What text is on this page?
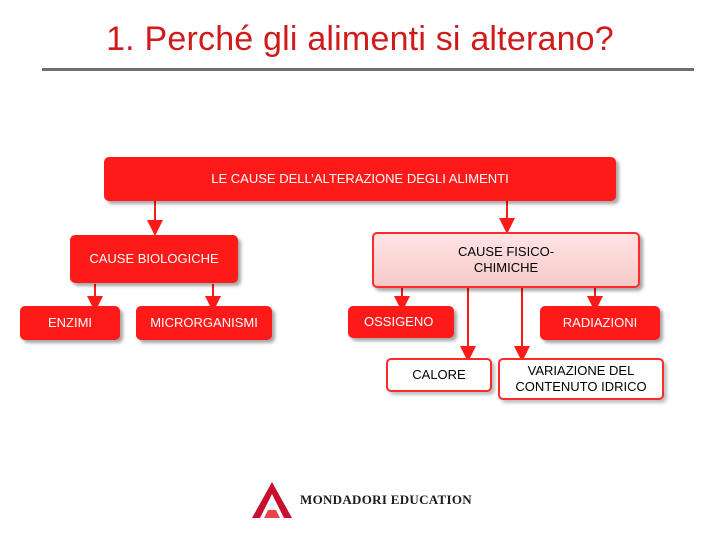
1. Perché gli alimenti si alterano?
LE CAUSE DELL’ALTERAZIONE DEGLI ALIMENTI
CAUSE BIOLOGICHE	CAUSE FISICO-CHIMICHE
ENZIMI	MICRORGANISMI	OSSIGENO	RADIAZIONI
CALORE	VARIAZIONE DEL CONTENUTO IDRICO
MONDADORI EDUCATION
